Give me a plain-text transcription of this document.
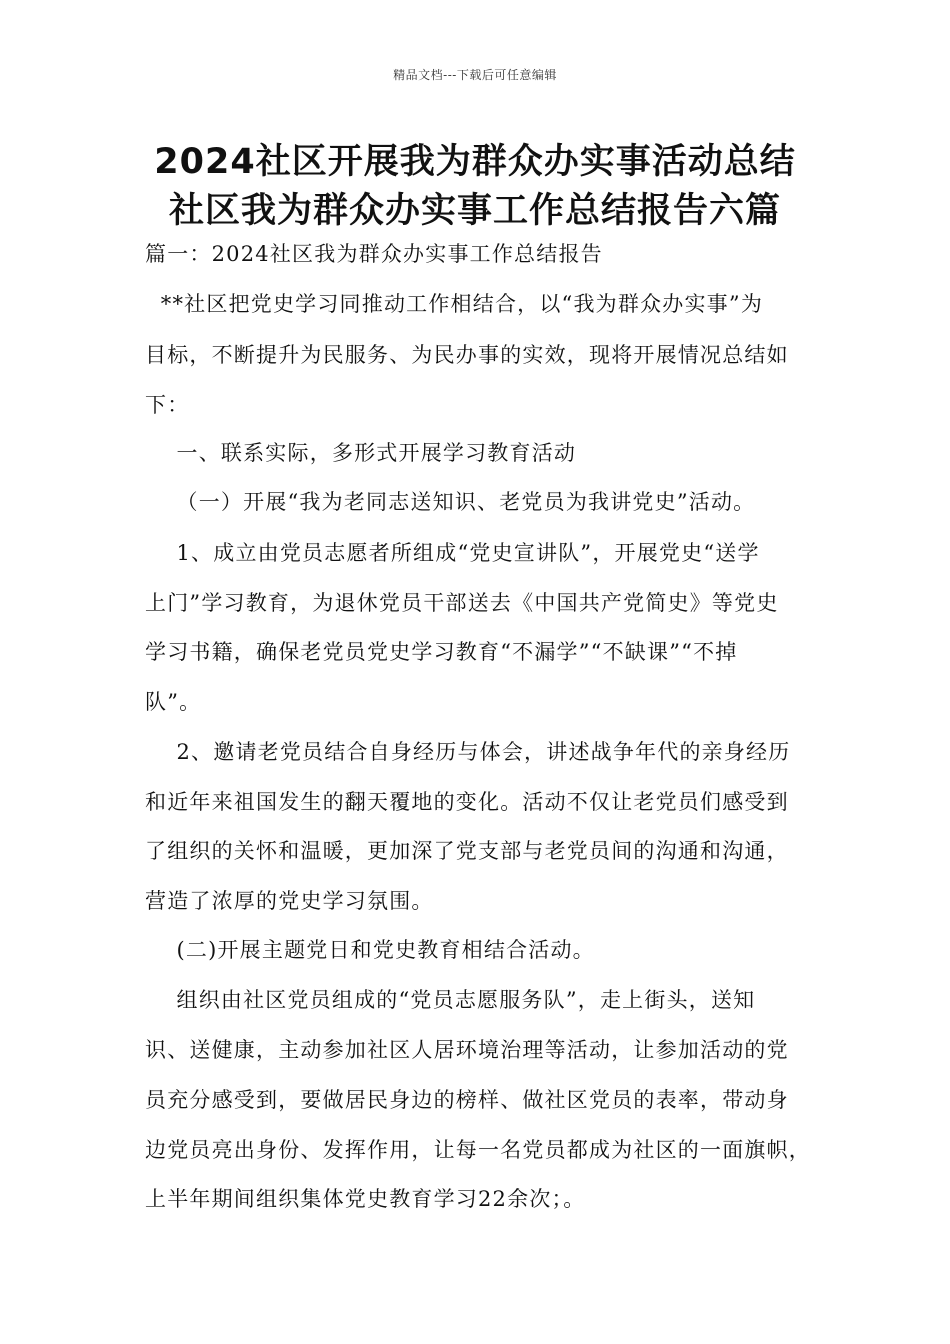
精品文档---下载后可任意编辑
2024社区开展我为群众办实事活动总结
社区我为群众办实事工作总结报告六篇
篇一：2024社区我为群众办实事工作总结报告
**社区把党史学习同推动工作相结合，以“我为群众办实事”为
目标，不断提升为民服务、为民办事的实效，现将开展情况总结如
下：
一、联系实际，多形式开展学习教育活动
（一）开展“我为老同志送知识、老党员为我讲党史”活动。
1、成立由党员志愿者所组成“党史宣讲队”，开展党史“送学
上门”学习教育，为退休党员干部送去《中国共产党简史》等党史
学习书籍，确保老党员党史学习教育“不漏学”“不缺课”“不掉
队”。
2、邀请老党员结合自身经历与体会，讲述战争年代的亲身经历
和近年来祖国发生的翻天覆地的变化。活动不仅让老党员们感受到
了组织的关怀和温暖，更加深了党支部与老党员间的沟通和沟通，
营造了浓厚的党史学习氛围。
(二)开展主题党日和党史教育相结合活动。
组织由社区党员组成的“党员志愿服务队”，走上街头，送知
识、送健康，主动参加社区人居环境治理等活动，让参加活动的党
员充分感受到，要做居民身边的榜样、做社区党员的表率，带动身
边党员亮出身份、发挥作用，让每一名党员都成为社区的一面旗帜，
上半年期间组织集体党史教育学习22余次；。
